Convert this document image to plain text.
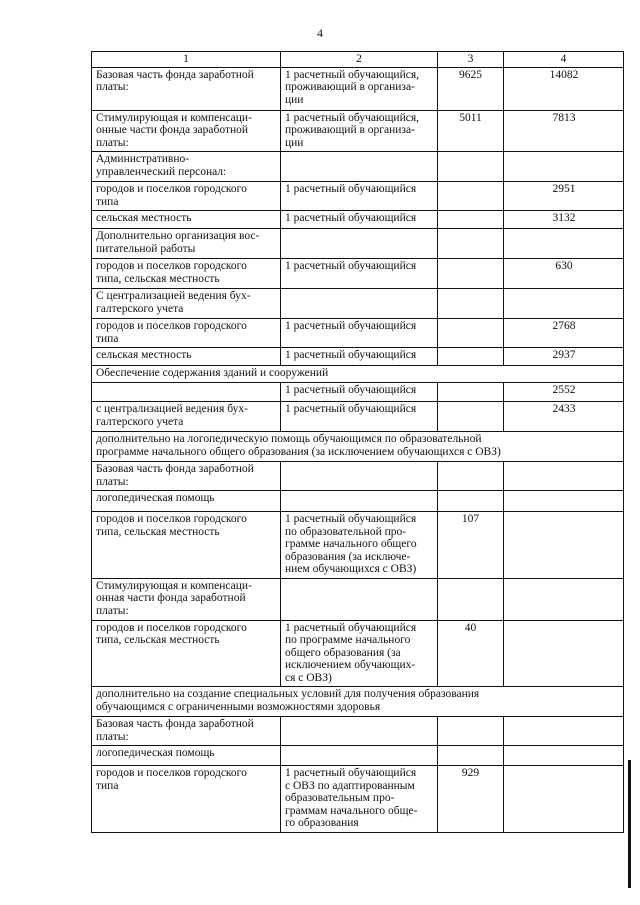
4
1	2	3	4
Базовая часть фонда заработной
платы:	1 расчетный обучающийся,
проживающий в организа-
ции	9625	14082
Стимулирующая и компенсаци-
онные части фонда заработной
платы:	1 расчетный обучающийся,
проживающий в организа-
ции	5011	7813
Административно-
управленческий персонал:			
городов и поселков городского
типа	1 расчетный обучающийся		2951
сельская местность	1 расчетный обучающийся		3132
Дополнительно организация вос-
питательной работы			
городов и поселков городского
типа, сельская местность	1 расчетный обучающийся		630
С централизацией ведения бух-
галтерского учета			
городов и поселков городского
типа	1 расчетный обучающийся		2768
сельская местность	1 расчетный обучающийся		2937
Обеспечение содержания зданий и сооружений			
	1 расчетный обучающийся		2552
с централизацией ведения бух-
галтерского учета	1 расчетный обучающийся		2433
дополнительно на логопедическую помощь обучающимся по образовательной
программе начального общего образования (за исключением обучающихся с ОВЗ)			
Базовая часть фонда заработной
платы:			
логопедическая помощь			
городов и поселков городского
типа, сельская местность	1 расчетный обучающийся
по образовательной про-
грамме начального общего
образования (за исключе-
нием обучающихся с ОВЗ)	107	
Стимулирующая и компенсаци-
онная части фонда заработной
платы:			
городов и поселков городского
типа, сельская местность	1 расчетный обучающийся
по программе начального
общего образования (за
исключением обучающих-
ся с ОВЗ)	40	
дополнительно на создание специальных условий для получения образования
обучающимся с ограниченными возможностями здоровья			
Базовая часть фонда заработной
платы:			
логопедическая помощь			
городов и поселков городского
типа	1 расчетный обучающийся
с ОВЗ по адаптированным
образовательным про-
граммам начального обще-
го образования	929	
